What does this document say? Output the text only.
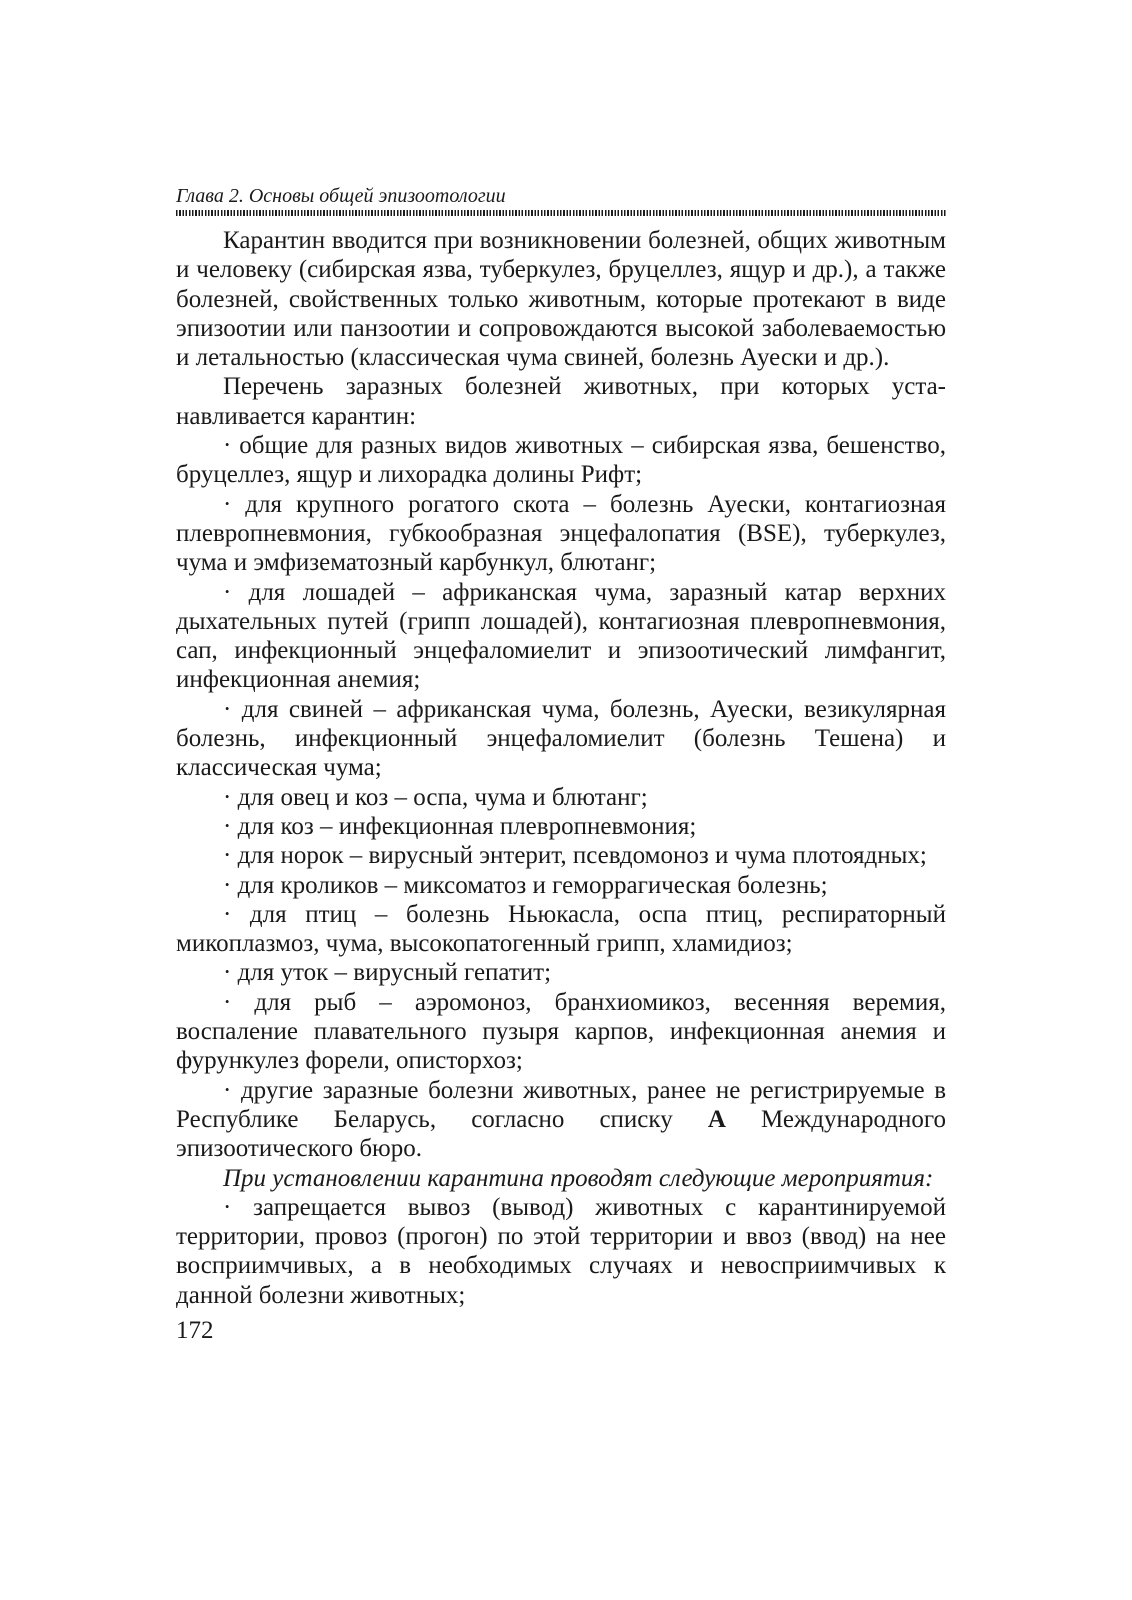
Глава 2. Основы общей эпизоотологии

Карантин вводится при возникновении болезней, общих животным и человеку (сибирская язва, туберкулез, бруцеллез, ящур и др.), а также болезней, свойственных только животным, которые протекают в виде эпизоотии или панзоотии и сопровождаются высокой заболеваемостью и летальностью (классическая чума свиней, болезнь Ауески и др.).

Перечень заразных болезней животных, при которых устанавливается карантин:

· общие для разных видов животных – сибирская язва, бешенство, бруцеллез, ящур и лихорадка долины Рифт;

· для крупного рогатого скота – болезнь Ауески, контагиозная плевропневмония, губкообразная энцефалопатия (BSE), туберкулез, чума и эмфизематозный карбункул, блютанг;

· для лошадей – африканская чума, заразный катар верхних дыхательных путей (грипп лошадей), контагиозная плевропневмония, сап, инфекционный энцефаломиелит и эпизоотический лимфангит, инфекционная анемия;

· для свиней – африканская чума, болезнь, Ауески, везикулярная болезнь, инфекционный энцефаломиелит (болезнь Тешена) и классическая чума;

· для овец и коз – оспа, чума и блютанг;

· для коз – инфекционная плевропневмония;

· для норок – вирусный энтерит, псевдомоноз и чума плотоядных;

· для кроликов – миксоматоз и геморрагическая болезнь;

· для птиц – болезнь Ньюкасла, оспа птиц, респираторный микоплазмоз, чума, высокопатогенный грипп, хламидиоз;

· для уток – вирусный гепатит;

· для рыб – аэромоноз, бранхиомикоз, весенняя веремия, воспаление плавательного пузыря карпов, инфекционная анемия и фурункулез форели, описторхоз;

· другие заразные болезни животных, ранее не регистрируемые в Республике Беларусь, согласно списку А Международного эпизоотического бюро.

При установлении карантина проводят следующие мероприятия:

· запрещается вывоз (вывод) животных с карантинируемой территории, провоз (прогон) по этой территории и ввоз (ввод) на нее восприимчивых, а в необходимых случаях и невосприимчивых к данной болезни животных;

172
